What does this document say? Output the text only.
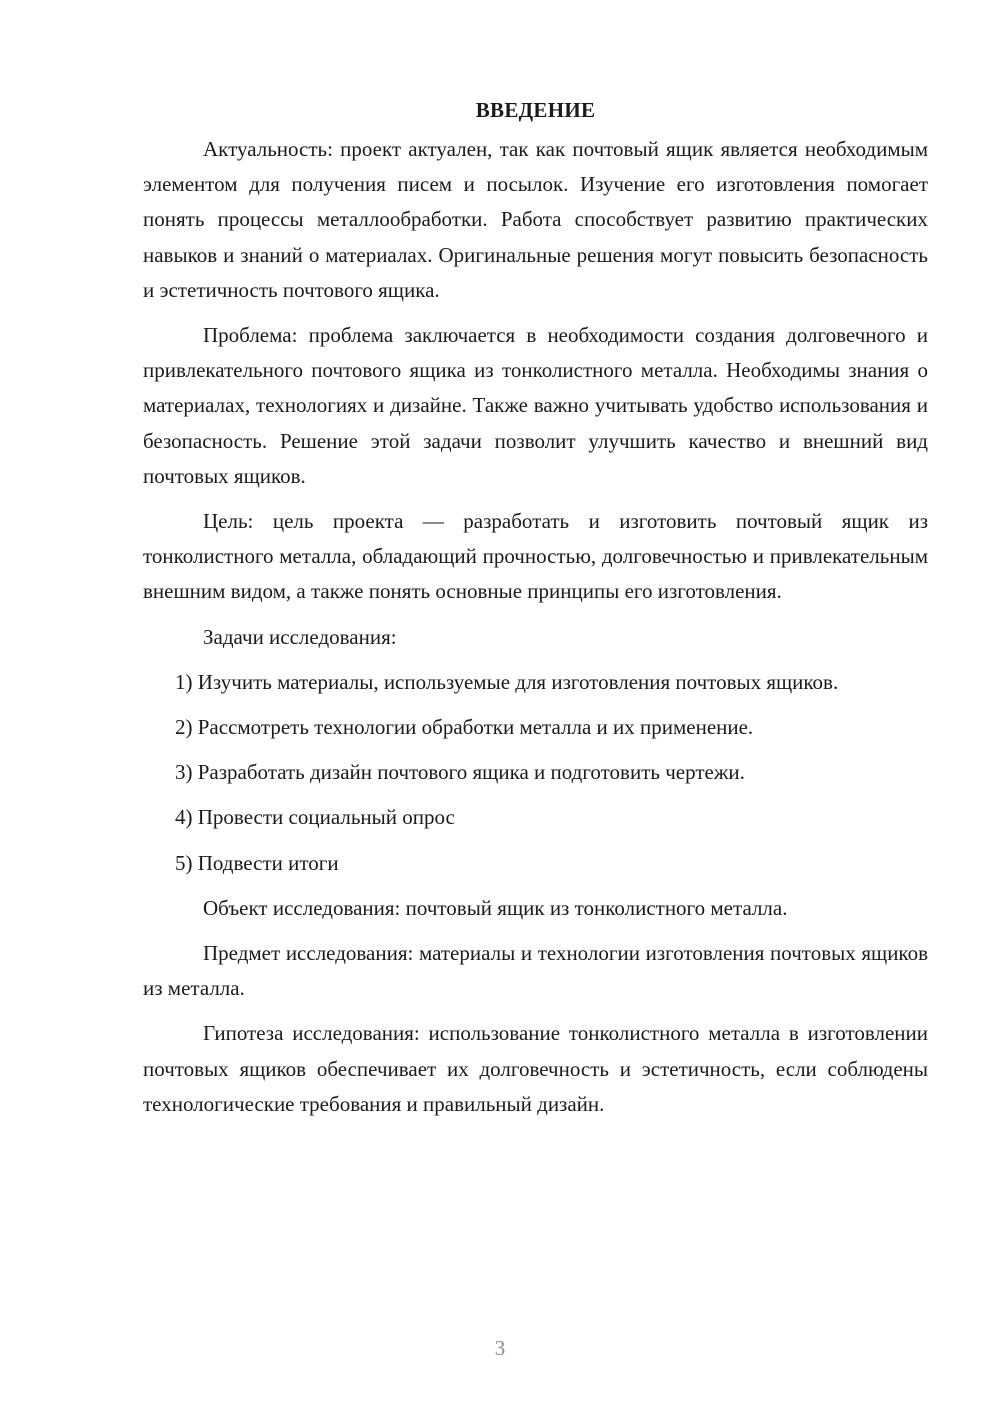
ВВЕДЕНИЕ

Актуальность: проект актуален, так как почтовый ящик является необходимым элементом для получения писем и посылок. Изучение его изготовления помогает понять процессы металлообработки. Работа способствует развитию практических навыков и знаний о материалах. Оригинальные решения могут повысить безопасность и эстетичность почтового ящика.

Проблема: проблема заключается в необходимости создания долговечного и привлекательного почтового ящика из тонколистного металла. Необходимы знания о материалах, технологиях и дизайне. Также важно учитывать удобство использования и безопасность. Решение этой задачи позволит улучшить качество и внешний вид почтовых ящиков.

Цель: цель проекта — разработать и изготовить почтовый ящик из тонколистного металла, обладающий прочностью, долговечностью и привлекательным внешним видом, а также понять основные принципы его изготовления.

Задачи исследования:

1) Изучить материалы, используемые для изготовления почтовых ящиков.

2) Рассмотреть технологии обработки металла и их применение.

3) Разработать дизайн почтового ящика и подготовить чертежи.

4) Провести социальный опрос

5) Подвести итоги

Объект исследования: почтовый ящик из тонколистного металла.

Предмет исследования: материалы и технологии изготовления почтовых ящиков из металла.

Гипотеза исследования: использование тонколистного металла в изготовлении почтовых ящиков обеспечивает их долговечность и эстетичность, если соблюдены технологические требования и правильный дизайн.

3
